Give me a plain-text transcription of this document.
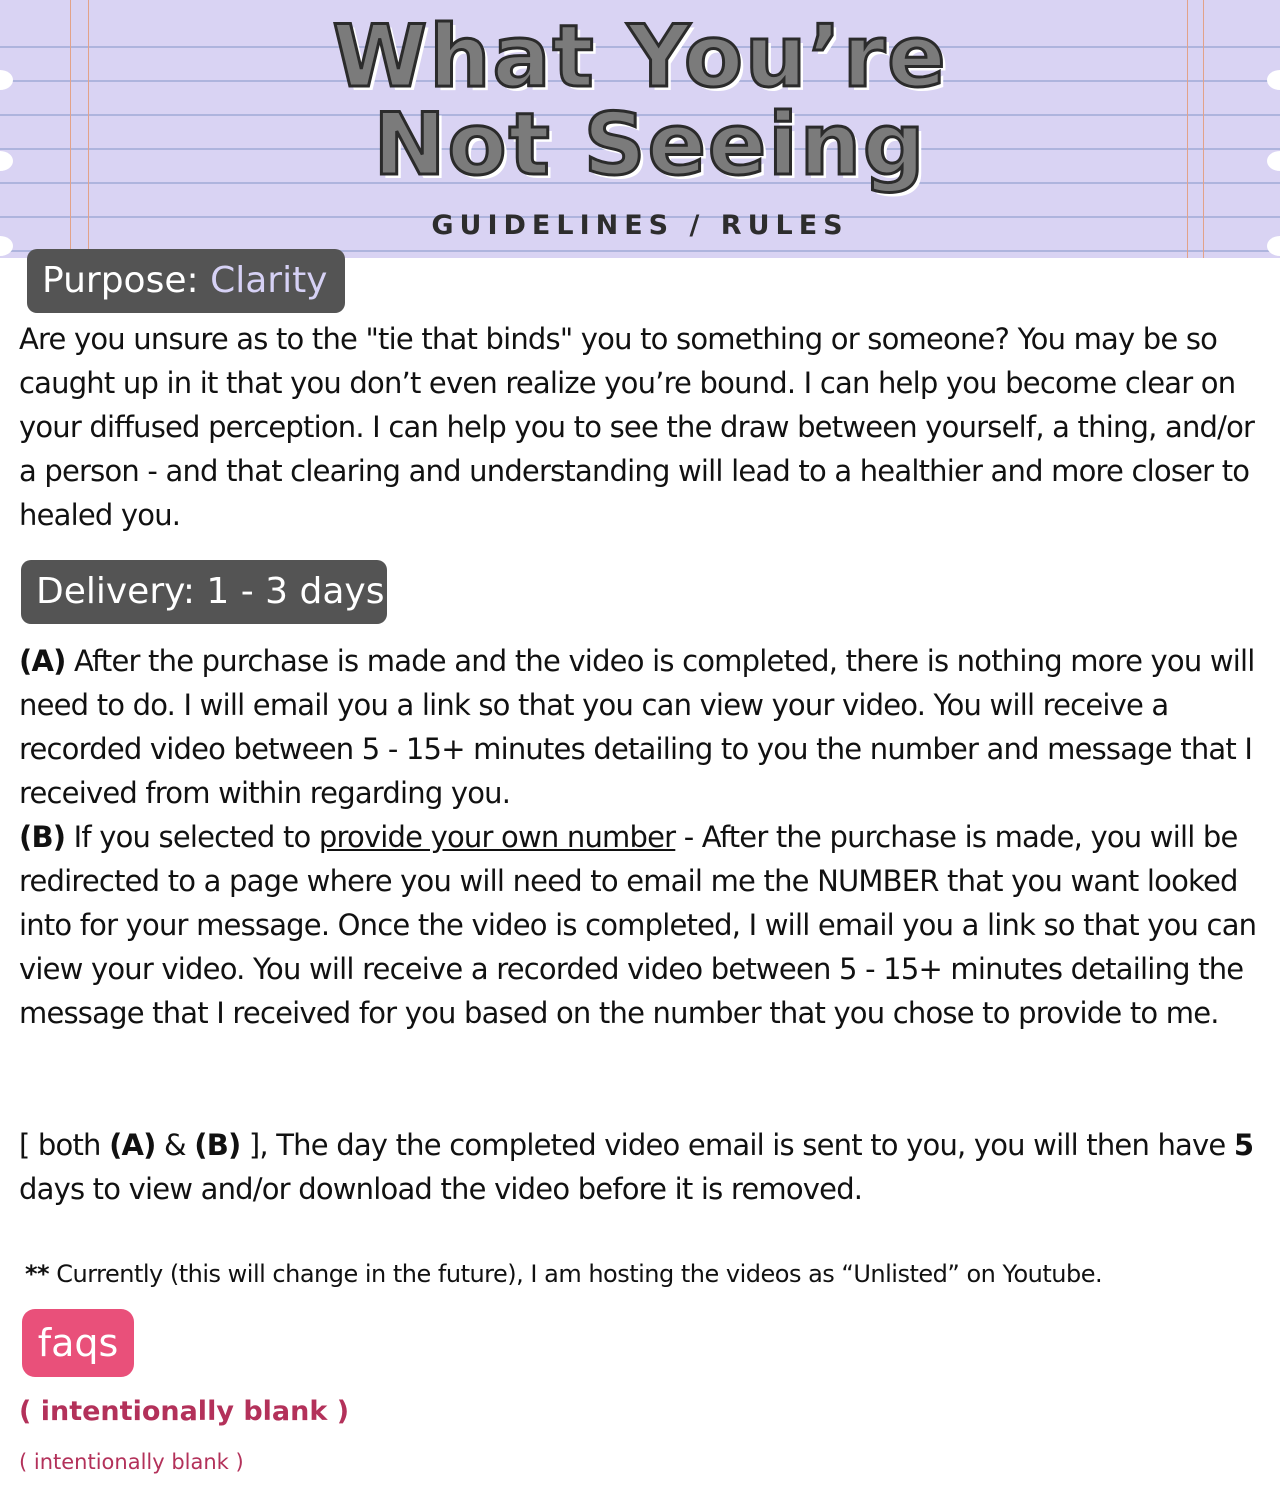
What You’re
Not Seeing
GUIDELINES / RULES
Purpose: Clarity

Are you unsure as to the "tie that binds" you to something or someone? You may be so caught up in it that you don’t even realize you’re bound. I can help you become clear on your diffused perception. I can help you to see the draw between yourself, a thing, and/or a person - and that clearing and understanding will lead to a healthier and more closer to healed you.

Delivery: 1 - 3 days

(A) After the purchase is made and the video is completed, there is nothing more you will need to do. I will email you a link so that you can view your video. You will receive a recorded video between 5 - 15+ minutes detailing to you the number and message that I received from within regarding you.

(B) If you selected to provide your own number - After the purchase is made, you will be redirected to a page where you will need to email me the NUMBER that you want looked into for your message. Once the video is completed, I will email you a link so that you can view your video. You will receive a recorded video between 5 - 15+ minutes detailing the message that I received for you based on the number that you chose to provide to me.

[ both (A) & (B) ], The day the completed video email is sent to you, you will then have 5 days to view and/or download the video before it is removed.

** Currently (this will change in the future), I am hosting the videos as “Unlisted” on Youtube.

faqs

( intentionally blank )

( intentionally blank )
